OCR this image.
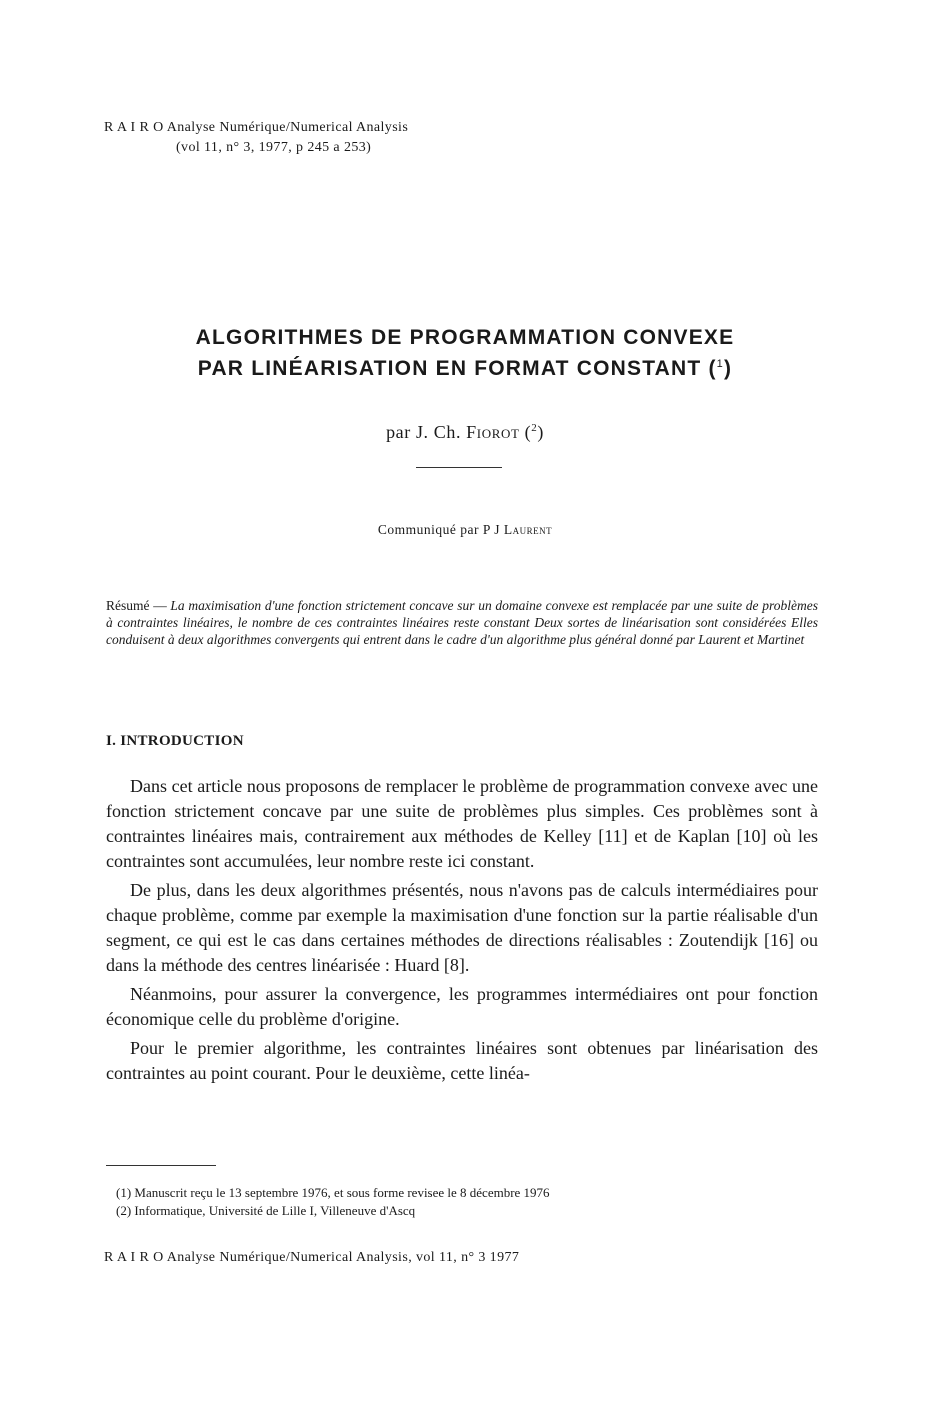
R A I R O Analyse Numérique/Numerical Analysis
(vol 11, n° 3, 1977, p 245 a 253)
ALGORITHMES DE PROGRAMMATION CONVEXE
PAR LINÉARISATION EN FORMAT CONSTANT ($^1$)
par J. Ch. Fiorot ($^2$)
Communiqué par P J Laurent
Résumé — La maximisation d'une fonction strictement concave sur un domaine convexe est remplacée par une suite de problèmes à contraintes linéaires, le nombre de ces contraintes linéaires reste constant Deux sortes de linéarisation sont considérées Elles conduisent à deux algorithmes convergents qui entrent dans le cadre d'un algorithme plus général donné par Laurent et Martinet
I. INTRODUCTION

Dans cet article nous proposons de remplacer le problème de programmation convexe avec une fonction strictement concave par une suite de problèmes plus simples. Ces problèmes sont à contraintes linéaires mais, contrairement aux méthodes de Kelley [11] et de Kaplan [10] où les contraintes sont accumulées, leur nombre reste ici constant.

De plus, dans les deux algorithmes présentés, nous n'avons pas de calculs intermédiaires pour chaque problème, comme par exemple la maximisation d'une fonction sur la partie réalisable d'un segment, ce qui est le cas dans certaines méthodes de directions réalisables : Zoutendijk [16] ou dans la méthode des centres linéarisée : Huard [8].

Néanmoins, pour assurer la convergence, les programmes intermédiaires ont pour fonction économique celle du problème d'origine.

Pour le premier algorithme, les contraintes linéaires sont obtenues par linéarisation des contraintes au point courant. Pour le deuxième, cette linéa-

(1) Manuscrit reçu le 13 septembre 1976, et sous forme revisee le 8 décembre 1976
(2) Informatique, Université de Lille I, Villeneuve d'Ascq
R A I R O Analyse Numérique/Numerical Analysis, vol 11, n° 3 1977
